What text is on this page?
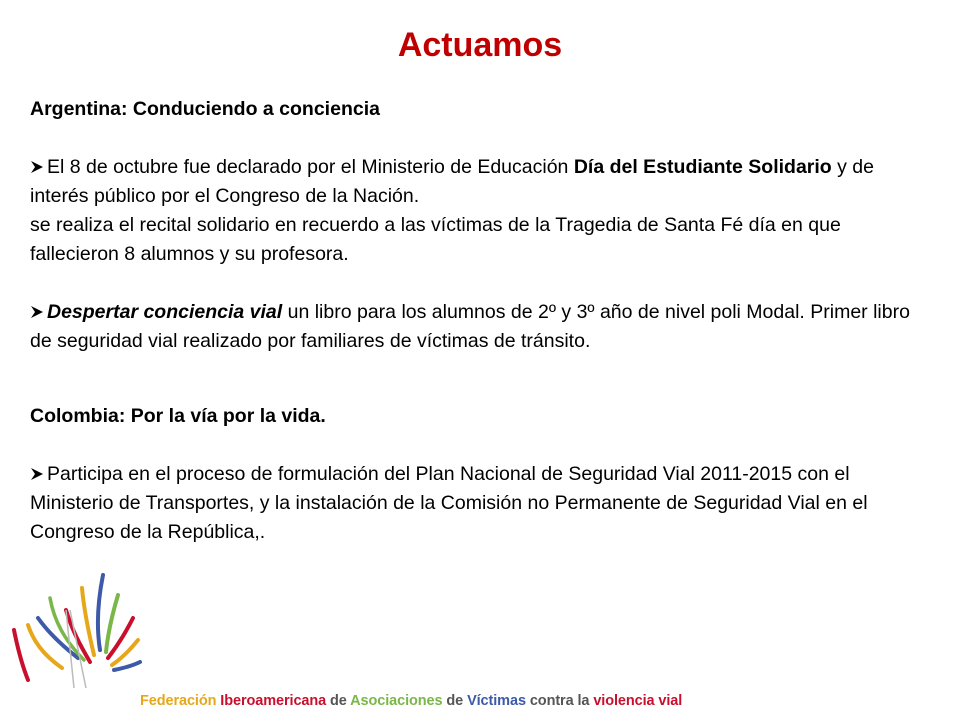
Actuamos
Argentina: Conduciendo a conciencia
El 8 de octubre fue declarado por el Ministerio de Educación Día del Estudiante Solidario y de interés público por el Congreso de la Nación.
se realiza el recital solidario en recuerdo a las víctimas de la Tragedia de Santa Fé día en que fallecieron 8 alumnos y su profesora.
Despertar conciencia vial un libro para los alumnos de 2º y 3º año de nivel poli Modal. Primer libro de seguridad vial realizado por familiares de víctimas de tránsito.
Colombia: Por la vía por la vida.
Participa en el proceso de formulación del Plan Nacional de Seguridad Vial 2011-2015 con el Ministerio de Transportes, y la instalación de la Comisión no Permanente de Seguridad Vial en el Congreso de la República,.
Federación Iberoamericana de Asociaciones de Víctimas contra la violencia vial
